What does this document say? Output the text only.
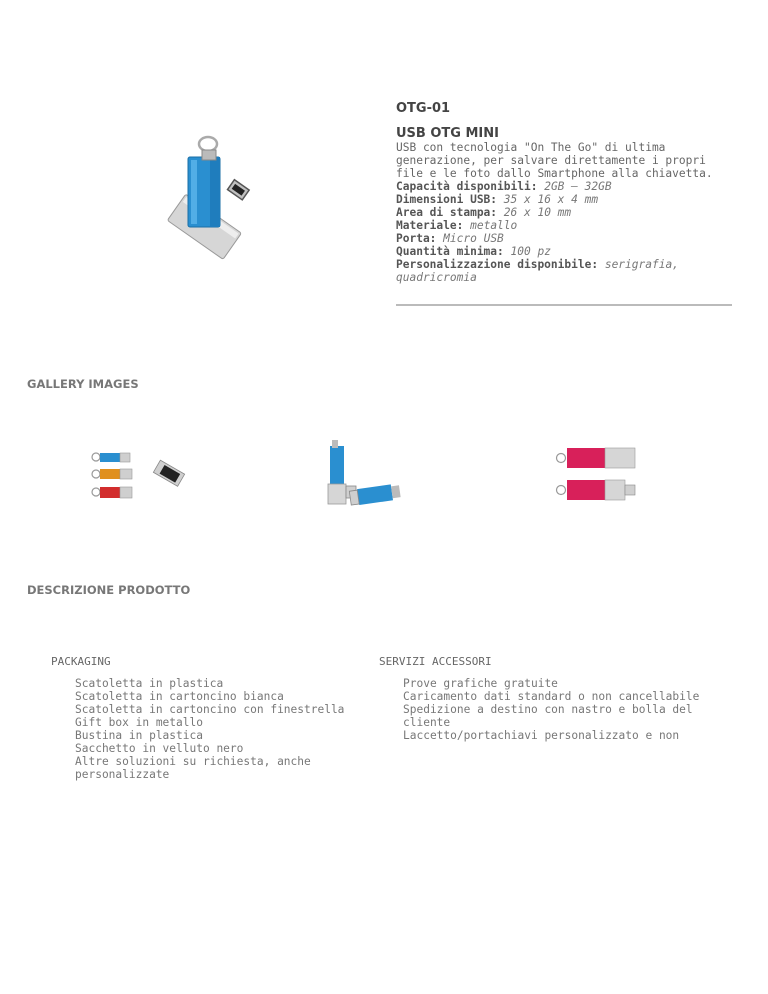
OTG-01
USB OTG MINI
USB con tecnologia "On The Go" di ultima generazione, per salvare direttamente i propri file e le foto dallo Smartphone alla chiavetta.
Capacità disponibili: 2GB – 32GB
Dimensioni USB: 35 x 16 x 4 mm
Area di stampa: 26 x 10 mm
Materiale: metallo
Porta: Micro USB
Quantità minima: 100 pz
Personalizzazione disponibile: serigrafia, quadricromia
GALLERY IMAGES
DESCRIZIONE PRODOTTO
PACKAGING
Scatoletta in plastica
Scatoletta in cartoncino bianca
Scatoletta in cartoncino con finestrella
Gift box in metallo
Bustina in plastica
Sacchetto in velluto nero
Altre soluzioni su richiesta, anche personalizzate
SERVIZI ACCESSORI
Prove grafiche gratuite
Caricamento dati standard o non cancellabile
Spedizione a destino con nastro e bolla del cliente
Laccetto/portachiavi personalizzato e non
